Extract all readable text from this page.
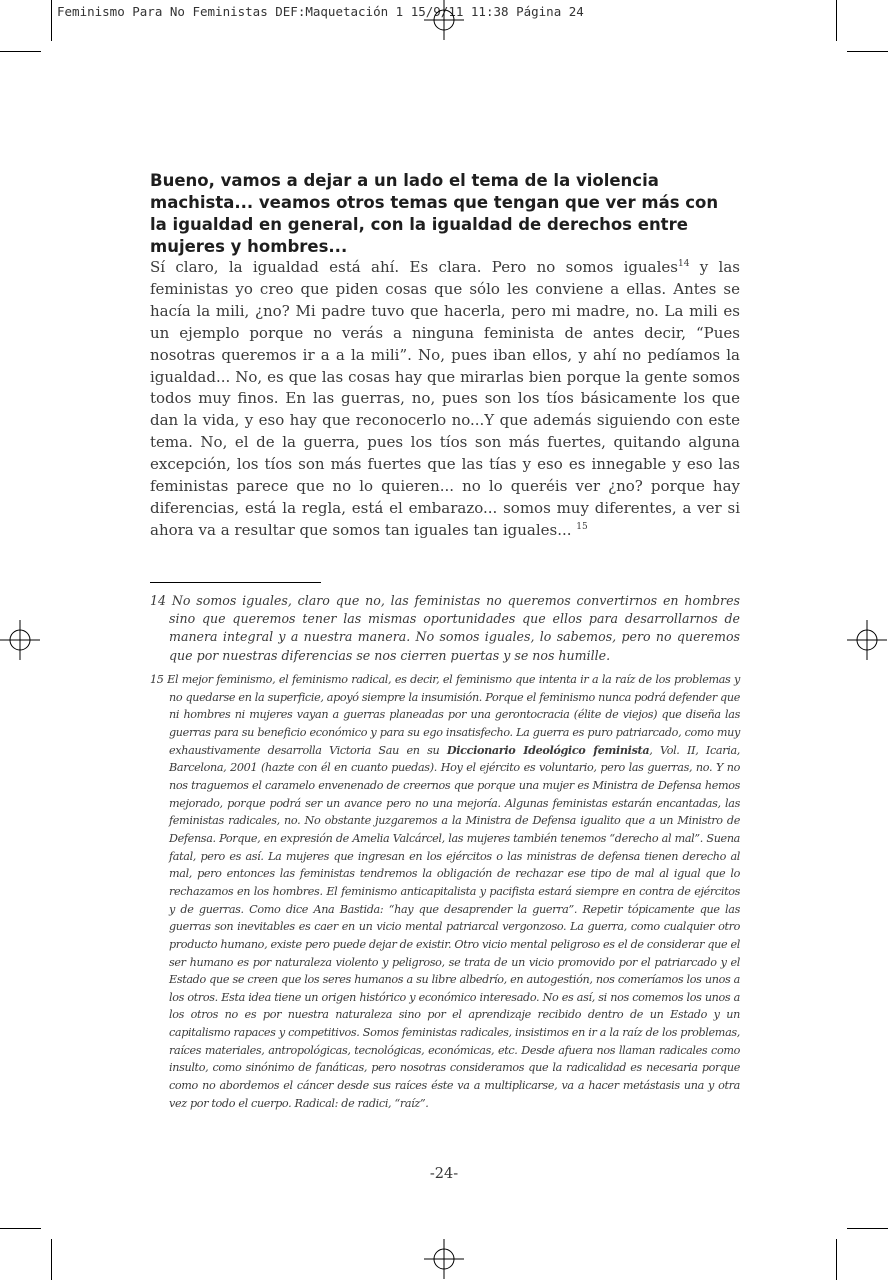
Feminismo Para No Feministas DEF:Maquetación 1 15/9/11 11:38 Página 24

Bueno, vamos a dejar a un lado el tema de la violencia machista... veamos otros temas que tengan que ver más con la igualdad en general, con la igualdad de derechos entre mujeres y hombres...

Sí claro, la igualdad está ahí. Es clara. Pero no somos iguales$^{14}$ y las feministas yo creo que piden cosas que sólo les conviene a ellas. Antes se hacía la mili, ¿no? Mi padre tuvo que hacerla, pero mi madre, no. La mili es un ejemplo porque no verás a ninguna feminista de antes decir, “Pues nosotras queremos ir a a la mili”. No, pues iban ellos, y ahí no pedíamos la igualdad... No, es que las cosas hay que mirarlas bien porque la gente somos todos muy finos. En las guerras, no, pues son los tíos básicamente los que dan la vida, y eso hay que reconocerlo no...Y que además siguiendo con este tema. No, el de la guerra, pues los tíos son más fuertes, quitando alguna excepción, los tíos son más fuertes que las tías y eso es innegable y eso las feministas parece que no lo quieren... no lo queréis ver ¿no? porque hay diferencias, está la regla, está el embarazo... somos muy diferentes, a ver si ahora va a resultar que somos tan iguales tan iguales... $^{15}$

14 No somos iguales, claro que no, las feministas no queremos convertirnos en hombres sino que queremos tener las mismas oportunidades que ellos para desarrollarnos de manera integral y a nuestra manera. No somos iguales, lo sabemos, pero no queremos que por nuestras diferencias se nos cierren puertas y se nos humille.

15 El mejor feminismo, el feminismo radical, es decir, el feminismo que intenta ir a la raíz de los problemas y no quedarse en la superficie, apoyó siempre la insumisión. Porque el feminismo nunca podrá defender que ni hombres ni mujeres vayan a guerras planeadas por una gerontocracia (élite de viejos) que diseña las guerras para su beneficio económico y para su ego insatisfecho. La guerra es puro patriarcado, como muy exhaustivamente desarrolla Victoria Sau en su Diccionario Ideológico feminista, Vol. II, Icaria, Barcelona, 2001 (hazte con él en cuanto puedas). Hoy el ejército es voluntario, pero las guerras, no. Y no nos traguemos el caramelo envenenado de creernos que porque una mujer es Ministra de Defensa hemos mejorado, porque podrá ser un avance pero no una mejoría. Algunas feministas estarán encantadas, las feministas radicales, no. No obstante juzgaremos a la Ministra de Defensa igualito que a un Ministro de Defensa. Porque, en expresión de Amelia Valcárcel, las mujeres también tenemos “derecho al mal”. Suena fatal, pero es así. La mujeres que ingresan en los ejércitos o las ministras de defensa tienen derecho al mal, pero entonces las feministas tendremos la obligación de rechazar ese tipo de mal al igual que lo rechazamos en los hombres. El feminismo anticapitalista y pacifista estará siempre en contra de ejércitos y de guerras. Como dice Ana Bastida: “hay que desaprender la guerra”. Repetir tópicamente que las guerras son inevitables es caer en un vicio mental patriarcal vergonzoso. La guerra, como cualquier otro producto humano, existe pero puede dejar de existir. Otro vicio mental peligroso es el de considerar que el ser humano es por naturaleza violento y peligroso, se trata de un vicio promovido por el patriarcado y el Estado que se creen que los seres humanos a su libre albedrío, en autogestión, nos comeríamos los unos a los otros. Esta idea tiene un origen histórico y económico interesado. No es así, si nos comemos los unos a los otros no es por nuestra naturaleza sino por el aprendizaje recibido dentro de un Estado y un capitalismo rapaces y competitivos. Somos feministas radicales, insistimos en ir a la raíz de los problemas, raíces materiales, antropológicas, tecnológicas, económicas, etc. Desde afuera nos llaman radicales como insulto, como sinónimo de fanáticas, pero nosotras consideramos que la radicalidad es necesaria porque como no abordemos el cáncer desde sus raíces éste va a multiplicarse, va a hacer metástasis una y otra vez por todo el cuerpo. Radical: de radici, “raíz”.

-24-
